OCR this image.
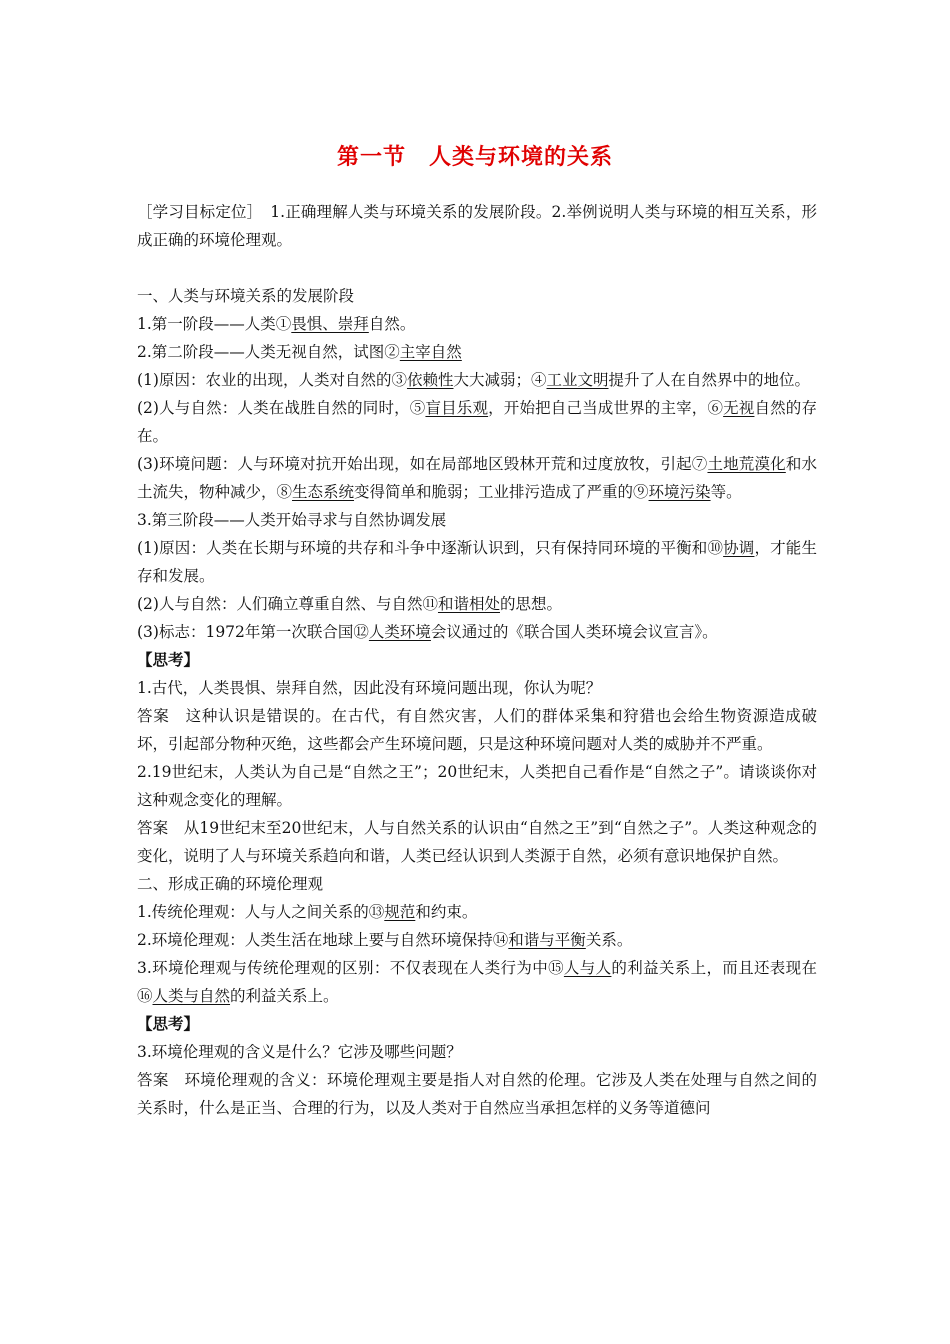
第一节　人类与环境的关系

［学习目标定位］　1.正确理解人类与环境关系的发展阶段。2.举例说明人类与环境的相互关系，形成正确的环境伦理观。

一、人类与环境关系的发展阶段

1.第一阶段——人类①畏惧、崇拜自然。

2.第二阶段——人类无视自然，试图②主宰自然

(1)原因：农业的出现，人类对自然的③依赖性大大减弱；④工业文明提升了人在自然界中的地位。

(2)人与自然：人类在战胜自然的同时，⑤盲目乐观，开始把自己当成世界的主宰，⑥无视自然的存在。

(3)环境问题：人与环境对抗开始出现，如在局部地区毁林开荒和过度放牧，引起⑦土地荒漠化和水土流失，物种减少，⑧生态系统变得简单和脆弱；工业排污造成了严重的⑨环境污染等。

3.第三阶段——人类开始寻求与自然协调发展

(1)原因：人类在长期与环境的共存和斗争中逐渐认识到，只有保持同环境的平衡和⑩协调，才能生存和发展。

(2)人与自然：人们确立尊重自然、与自然⑪和谐相处的思想。

(3)标志：1972年第一次联合国⑫人类环境会议通过的《联合国人类环境会议宣言》。

【思考】

1.古代，人类畏惧、崇拜自然，因此没有环境问题出现，你认为呢？

答案　这种认识是错误的。在古代，有自然灾害，人们的群体采集和狩猎也会给生物资源造成破坏，引起部分物种灭绝，这些都会产生环境问题，只是这种环境问题对人类的威胁并不严重。

2.19世纪末，人类认为自己是“自然之王”；20世纪末，人类把自己看作是“自然之子”。请谈谈你对这种观念变化的理解。

答案　从19世纪末至20世纪末，人与自然关系的认识由“自然之王”到“自然之子”。人类这种观念的变化，说明了人与环境关系趋向和谐，人类已经认识到人类源于自然，必须有意识地保护自然。

二、形成正确的环境伦理观

1.传统伦理观：人与人之间关系的⑬规范和约束。

2.环境伦理观：人类生活在地球上要与自然环境保持⑭和谐与平衡关系。

3.环境伦理观与传统伦理观的区别：不仅表现在人类行为中⑮人与人的利益关系上，而且还表现在⑯人类与自然的利益关系上。

【思考】

3.环境伦理观的含义是什么？它涉及哪些问题？

答案　环境伦理观的含义：环境伦理观主要是指人对自然的伦理。它涉及人类在处理与自然之间的关系时，什么是正当、合理的行为，以及人类对于自然应当承担怎样的义务等道德问
